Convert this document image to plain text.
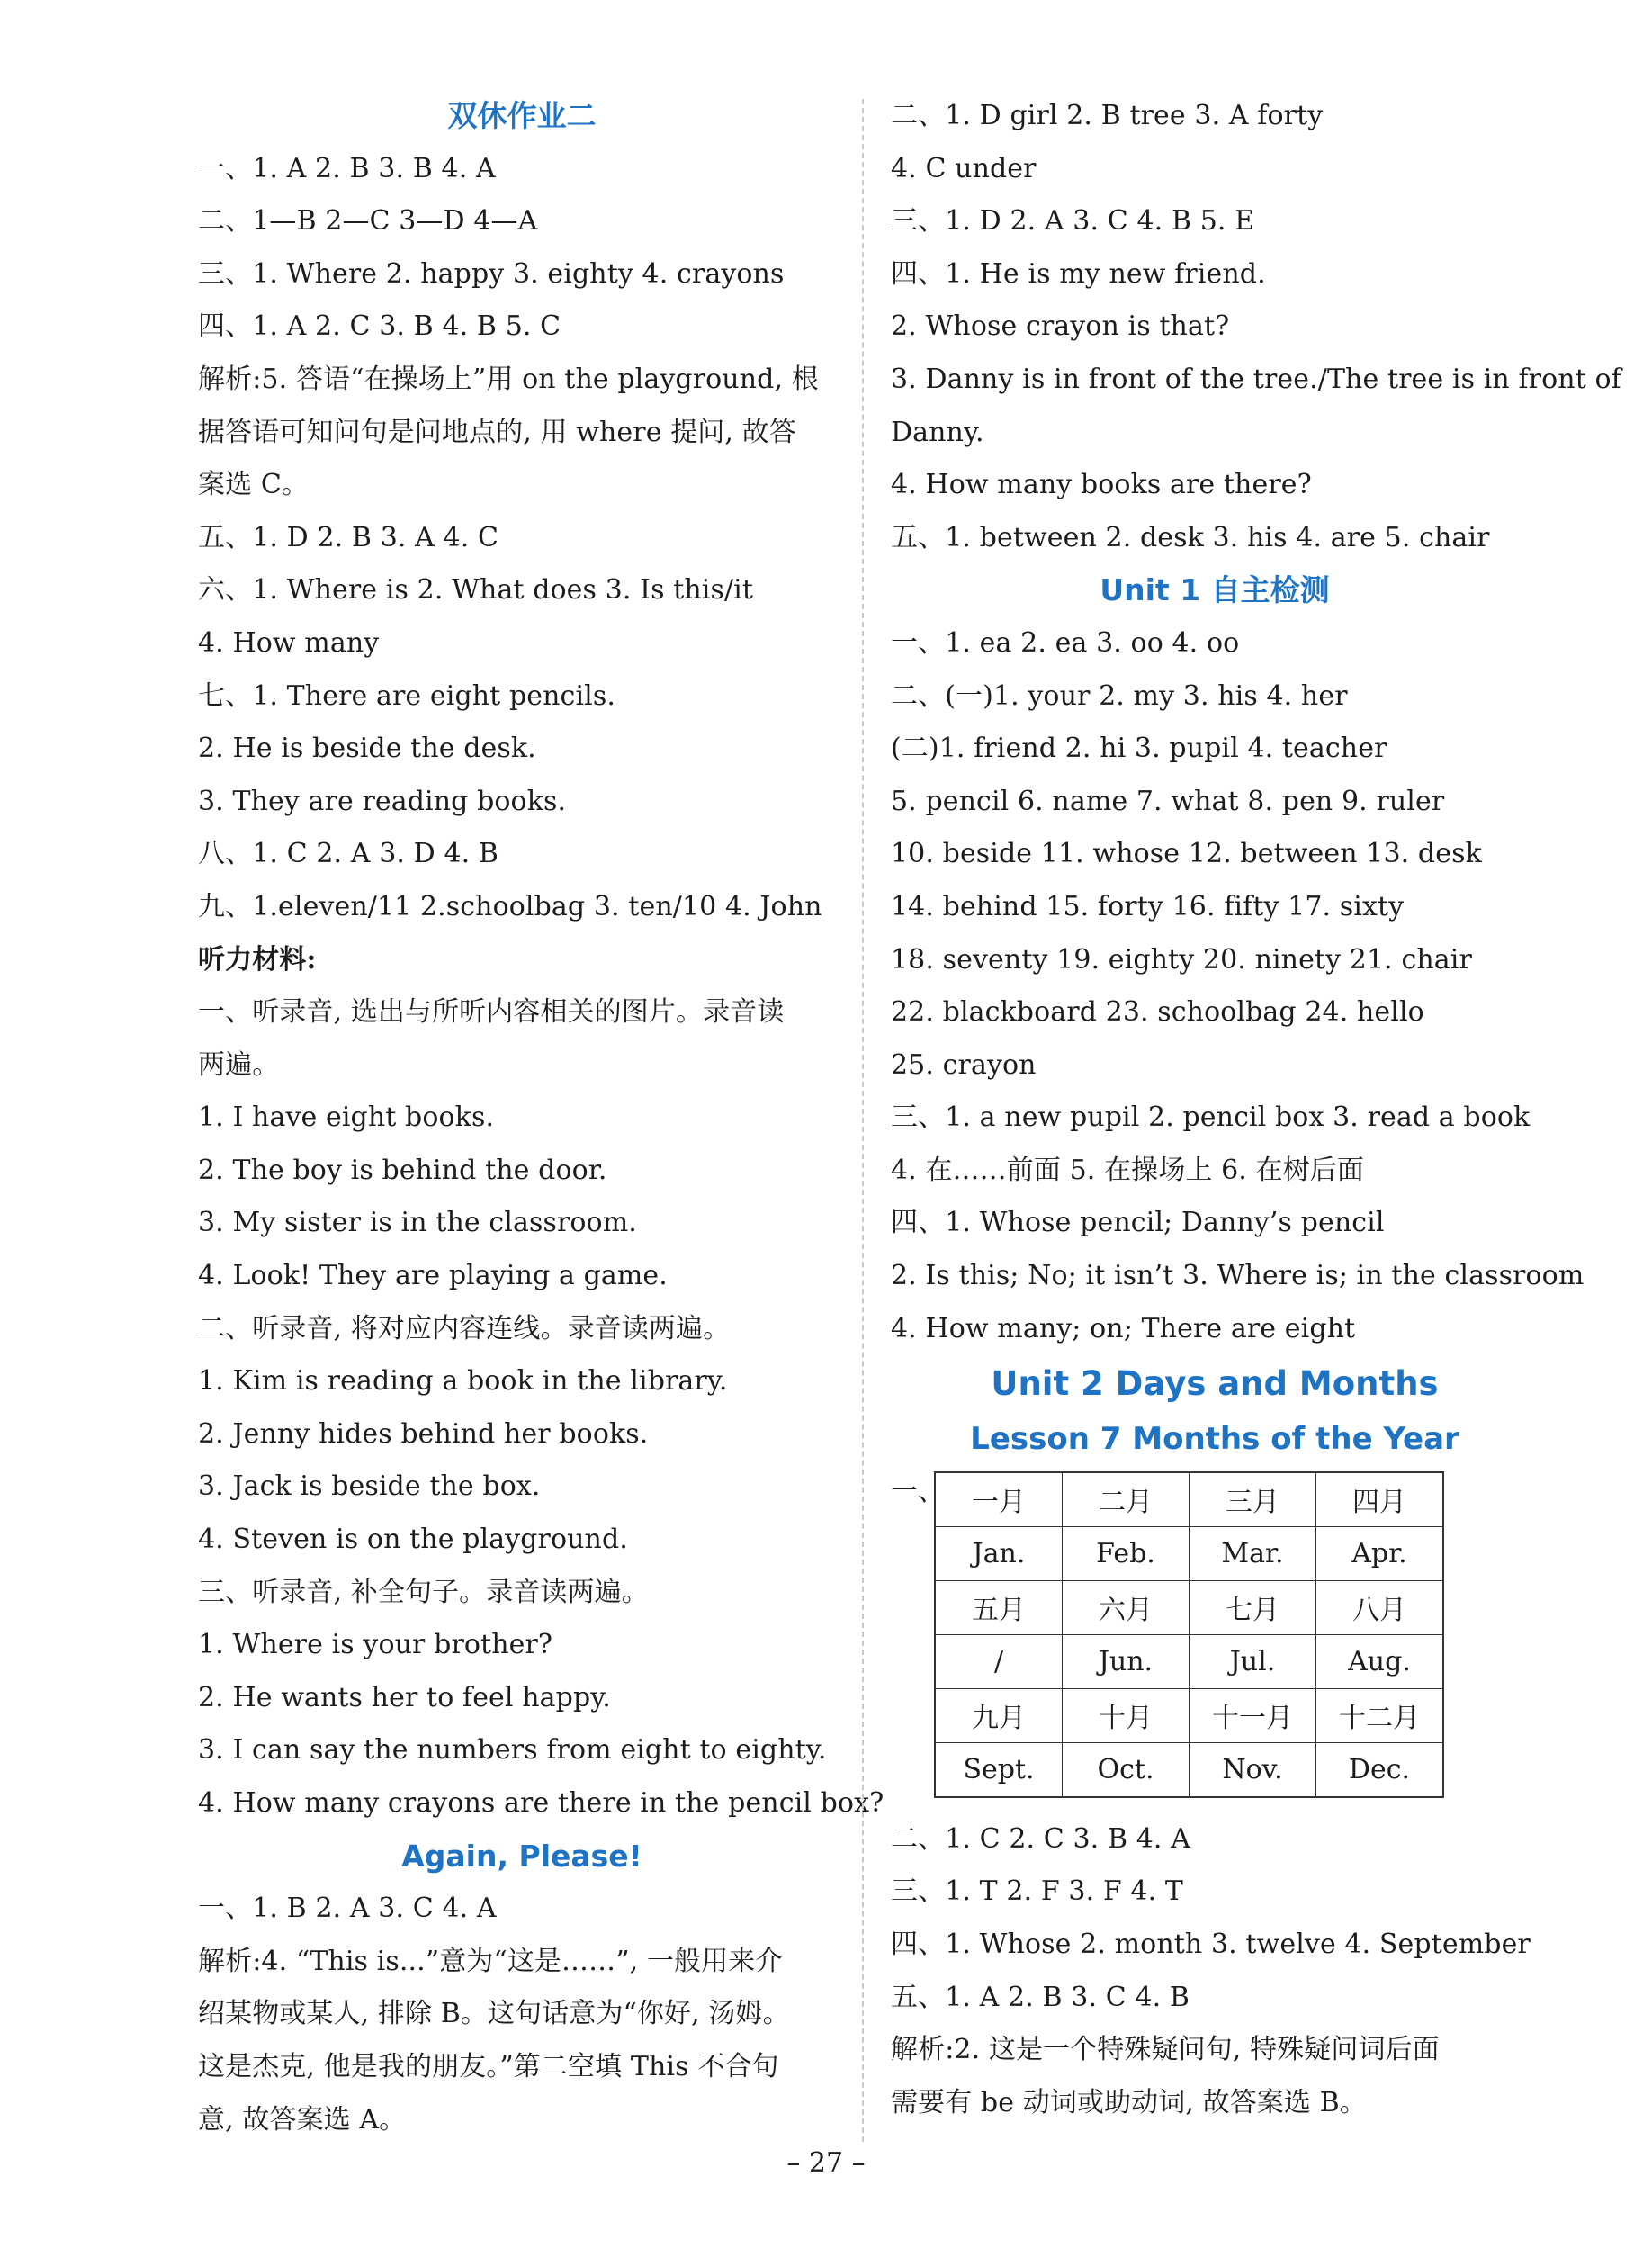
双休作业二
一、1. A 2. B 3. B 4. A
二、1—B 2—C 3—D 4—A
三、1. Where 2. happy 3. eighty 4. crayons
四、1. A 2. C 3. B 4. B 5. C
解析:5. 答语“在操场上”用 on the playground, 根
据答语可知问句是问地点的, 用 where 提问, 故答
案选 C。
五、1. D 2. B 3. A 4. C
六、1. Where is 2. What does 3. Is this/it
4. How many
七、1. There are eight pencils.
2. He is beside the desk.
3. They are reading books.
八、1. C 2. A 3. D 4. B
九、1.eleven/11 2.schoolbag 3. ten/10 4. John
听力材料:
一、听录音, 选出与所听内容相关的图片。录音读
两遍。
1. I have eight books.
2. The boy is behind the door.
3. My sister is in the classroom.
4. Look! They are playing a game.
二、听录音, 将对应内容连线。录音读两遍。
1. Kim is reading a book in the library.
2. Jenny hides behind her books.
3. Jack is beside the box.
4. Steven is on the playground.
三、听录音, 补全句子。录音读两遍。
1. Where is your brother?
2. He wants her to feel happy.
3. I can say the numbers from eight to eighty.
4. How many crayons are there in the pencil box?
Again, Please!
一、1. B 2. A 3. C 4. A
解析:4. “This is...”意为“这是……”, 一般用来介
绍某物或某人, 排除 B。这句话意为“你好, 汤姆。
这是杰克, 他是我的朋友。”第二空填 This 不合句
意, 故答案选 A。
二、1. D girl 2. B tree 3. A forty
4. C under
三、1. D 2. A 3. C 4. B 5. E
四、1. He is my new friend.
2. Whose crayon is that?
3. Danny is in front of the tree./The tree is in front of
Danny.
4. How many books are there?
五、1. between 2. desk 3. his 4. are 5. chair
Unit 1 自主检测
一、1. ea 2. ea 3. oo 4. oo
二、(一)1. your 2. my 3. his 4. her
(二)1. friend 2. hi 3. pupil 4. teacher
5. pencil 6. name 7. what 8. pen 9. ruler
10. beside 11. whose 12. between 13. desk
14. behind 15. forty 16. fifty 17. sixty
18. seventy 19. eighty 20. ninety 21. chair
22. blackboard 23. schoolbag 24. hello
25. crayon
三、1. a new pupil 2. pencil box 3. read a book
4. 在……前面 5. 在操场上 6. 在树后面
四、1. Whose pencil; Danny’s pencil
2. Is this; No; it isn’t 3. Where is; in the classroom
4. How many; on; There are eight
Unit 2 Days and Months
Lesson 7 Months of the Year
一、 一月	二月	三月	四月
Jan.	Feb.	Mar.	Apr.
五月	六月	七月	八月
/	Jun.	Jul.	Aug.
九月	十月	十一月	十二月
Sept.	Oct.	Nov.	Dec.
二、1. C 2. C 3. B 4. A
三、1. T 2. F 3. F 4. T
四、1. Whose 2. month 3. twelve 4. September
五、1. A 2. B 3. C 4. B
解析:2. 这是一个特殊疑问句, 特殊疑问词后面
需要有 be 动词或助动词, 故答案选 B。
– 27 –
